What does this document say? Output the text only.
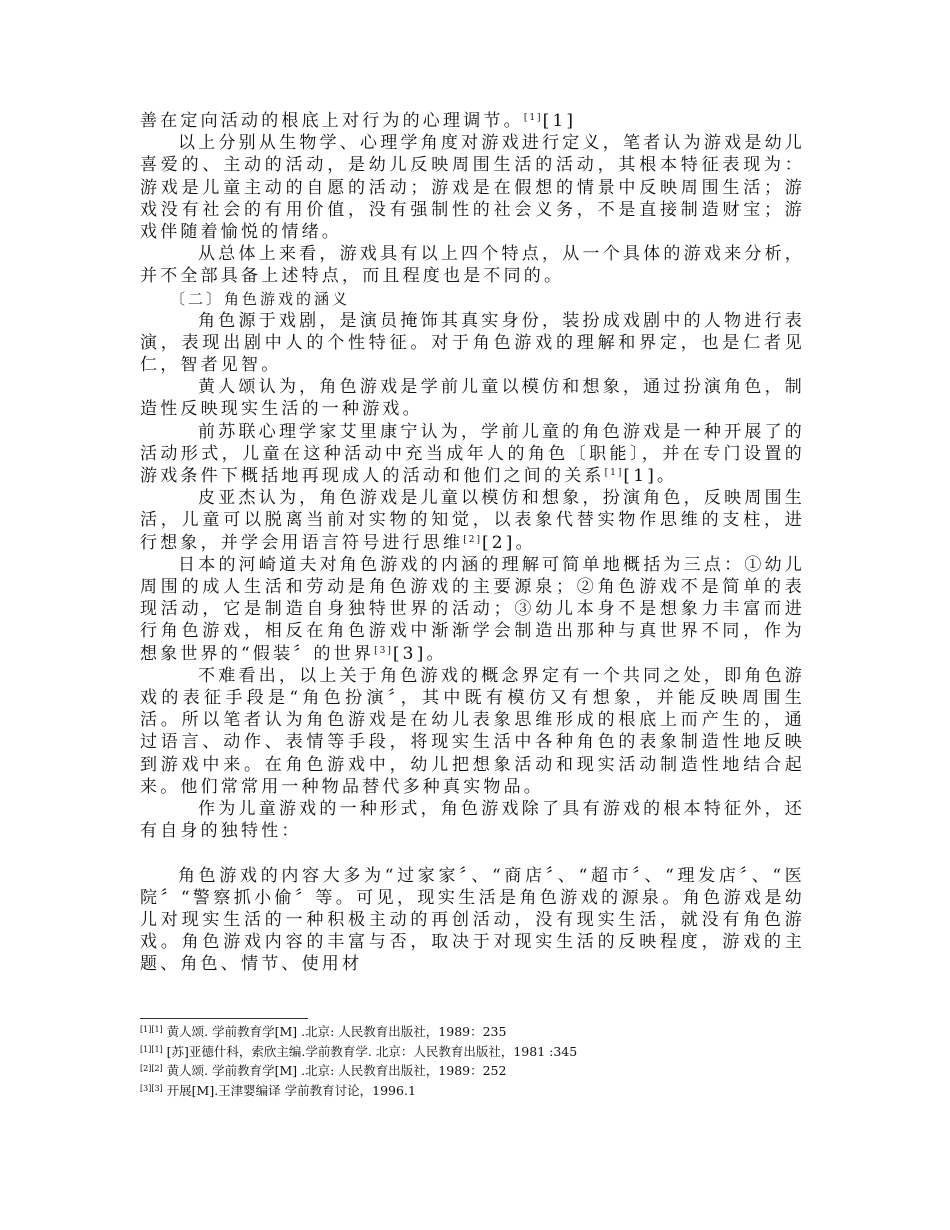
善在定向活动的根底上对行为的心理调节。[1][1]

以上分别从生物学、心理学角度对游戏进行定义，笔者认为游戏是幼儿喜爱的、主动的活动，是幼儿反映周围生活的活动，其根本特征表现为：游戏是儿童主动的自愿的活动；游戏是在假想的情景中反映周围生活；游戏没有社会的有用价值，没有强制性的社会义务，不是直接制造财宝；游戏伴随着愉悦的情绪。

从总体上来看，游戏具有以上四个特点，从一个具体的游戏来分析，并不全部具备上述特点，而且程度也是不同的。

〔二〕角色游戏的涵义

角色源于戏剧，是演员掩饰其真实身份，装扮成戏剧中的人物进行表演，表现出剧中人的个性特征。对于角色游戏的理解和界定，也是仁者见仁，智者见智。

黄人颂认为，角色游戏是学前儿童以模仿和想象，通过扮演角色，制造性反映现实生活的一种游戏。

前苏联心理学家艾里康宁认为，学前儿童的角色游戏是一种开展了的活动形式，儿童在这种活动中充当成年人的角色〔职能〕，并在专门设置的游戏条件下概括地再现成人的活动和他们之间的关系[1][1]。

皮亚杰认为，角色游戏是儿童以模仿和想象，扮演角色，反映周围生活，儿童可以脱离当前对实物的知觉，以表象代替实物作思维的支柱，进行想象，并学会用语言符号进行思维[2][2]。

日本的河崎道夫对角色游戏的内涵的理解可简单地概括为三点：①幼儿周围的成人生活和劳动是角色游戏的主要源泉；②角色游戏不是简单的表现活动，它是制造自身独特世界的活动；③幼儿本身不是想象力丰富而进行角色游戏，相反在角色游戏中渐渐学会制造出那种与真世界不同，作为想象世界的“假装〞的世界[3][3]。

不难看出，以上关于角色游戏的概念界定有一个共同之处，即角色游戏的表征手段是“角色扮演〞，其中既有模仿又有想象，并能反映周围生活。所以笔者认为角色游戏是在幼儿表象思维形成的根底上而产生的，通过语言、动作、表情等手段，将现实生活中各种角色的表象制造性地反映到游戏中来。在角色游戏中，幼儿把想象活动和现实活动制造性地结合起来。他们常常用一种物品替代多种真实物品。

作为儿童游戏的一种形式，角色游戏除了具有游戏的根本特征外，还有自身的独特性：

角色游戏的内容大多为“过家家〞、“商店〞、“超市〞、“理发店〞、“医院〞“警察抓小偷〞等。可见，现实生活是角色游戏的源泉。角色游戏是幼儿对现实生活的一种积极主动的再创活动，没有现实生活，就没有角色游戏。角色游戏内容的丰富与否，取决于对现实生活的反映程度，游戏的主题、角色、情节、使用材

[1][1] 黄人颂. 学前教育学[M] .北京: 人民教育出版社，1989：235

[1][1] [苏]亚德什科，索欣主编.学前教育学. 北京：人民教育出版社，1981 :345

[2][2] 黄人颂. 学前教育学[M] .北京: 人民教育出版社，1989：252

[3][3] 开展[M].王津婴编译 学前教育讨论，1996.1
